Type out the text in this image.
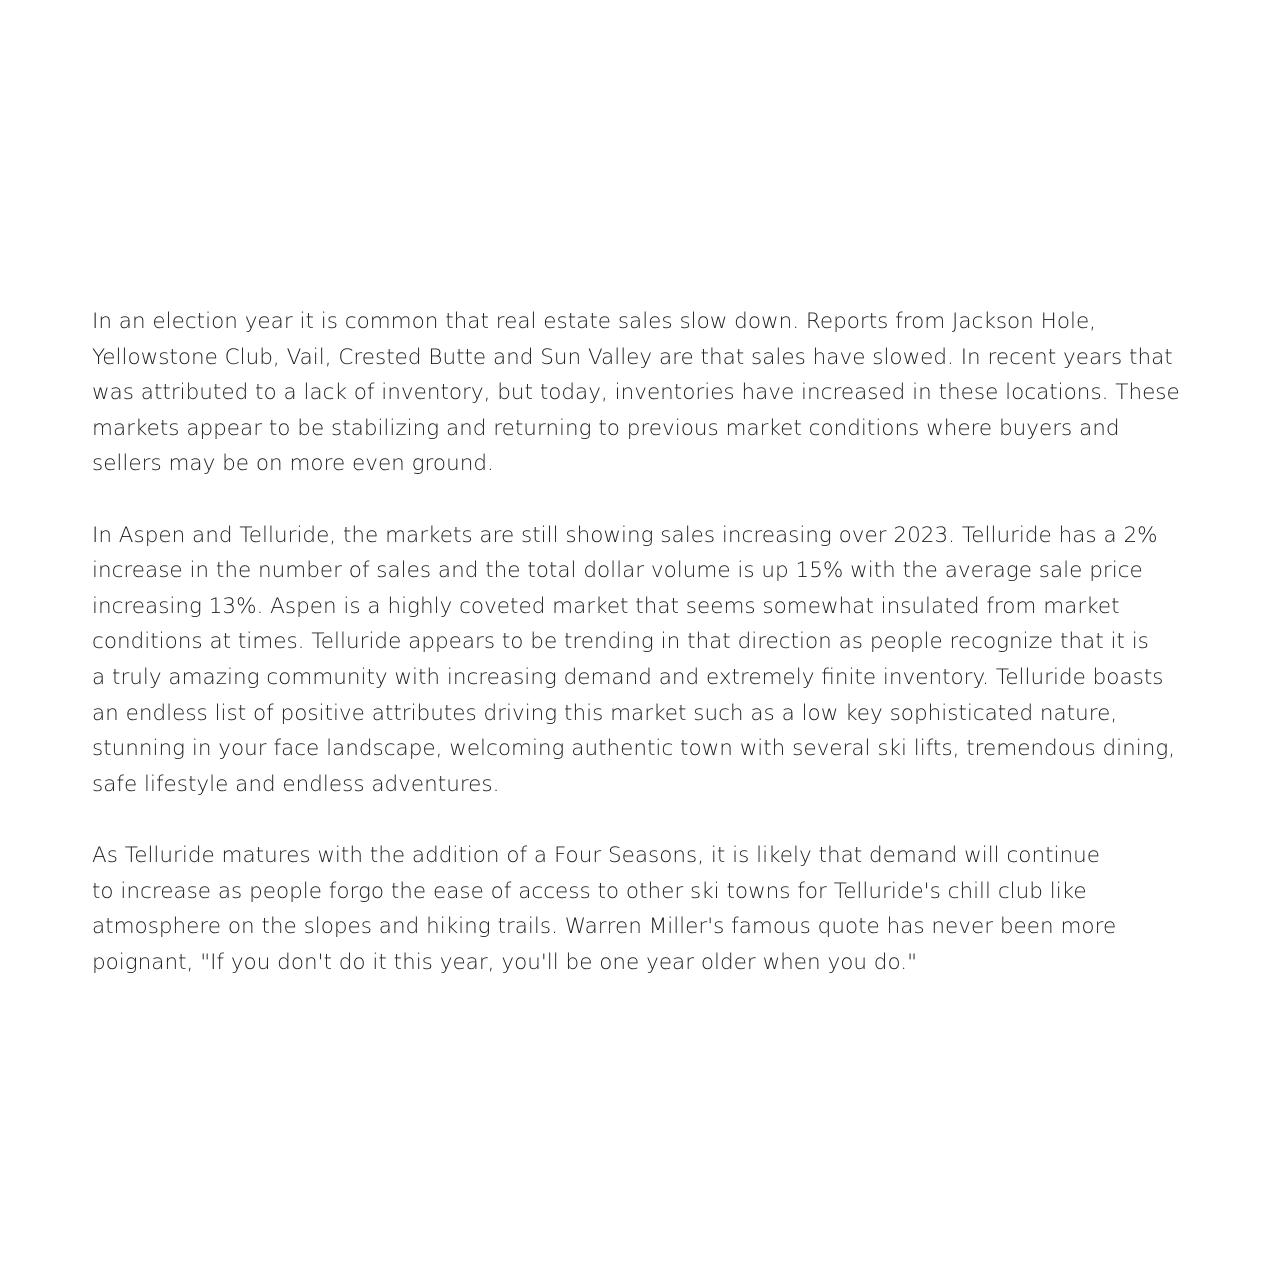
In an election year it is common that real estate sales slow down. Reports from Jackson Hole,
Yellowstone Club, Vail, Crested Butte and Sun Valley are that sales have slowed. In recent years that
was attributed to a lack of inventory, but today, inventories have increased in these locations. These
markets appear to be stabilizing and returning to previous market conditions where buyers and
sellers may be on more even ground.

In Aspen and Telluride, the markets are still showing sales increasing over 2023. Telluride has a 2%
increase in the number of sales and the total dollar volume is up 15% with the average sale price
increasing 13%. Aspen is a highly coveted market that seems somewhat insulated from market
conditions at times. Telluride appears to be trending in that direction as people recognize that it is
a truly amazing community with increasing demand and extremely finite inventory. Telluride boasts
an endless list of positive attributes driving this market such as a low key sophisticated nature,
stunning in your face landscape, welcoming authentic town with several ski lifts, tremendous dining,
safe lifestyle and endless adventures.

As Telluride matures with the addition of a Four Seasons, it is likely that demand will continue
to increase as people forgo the ease of access to other ski towns for Telluride's chill club like
atmosphere on the slopes and hiking trails. Warren Miller's famous quote has never been more
poignant, "If you don't do it this year, you'll be one year older when you do."
